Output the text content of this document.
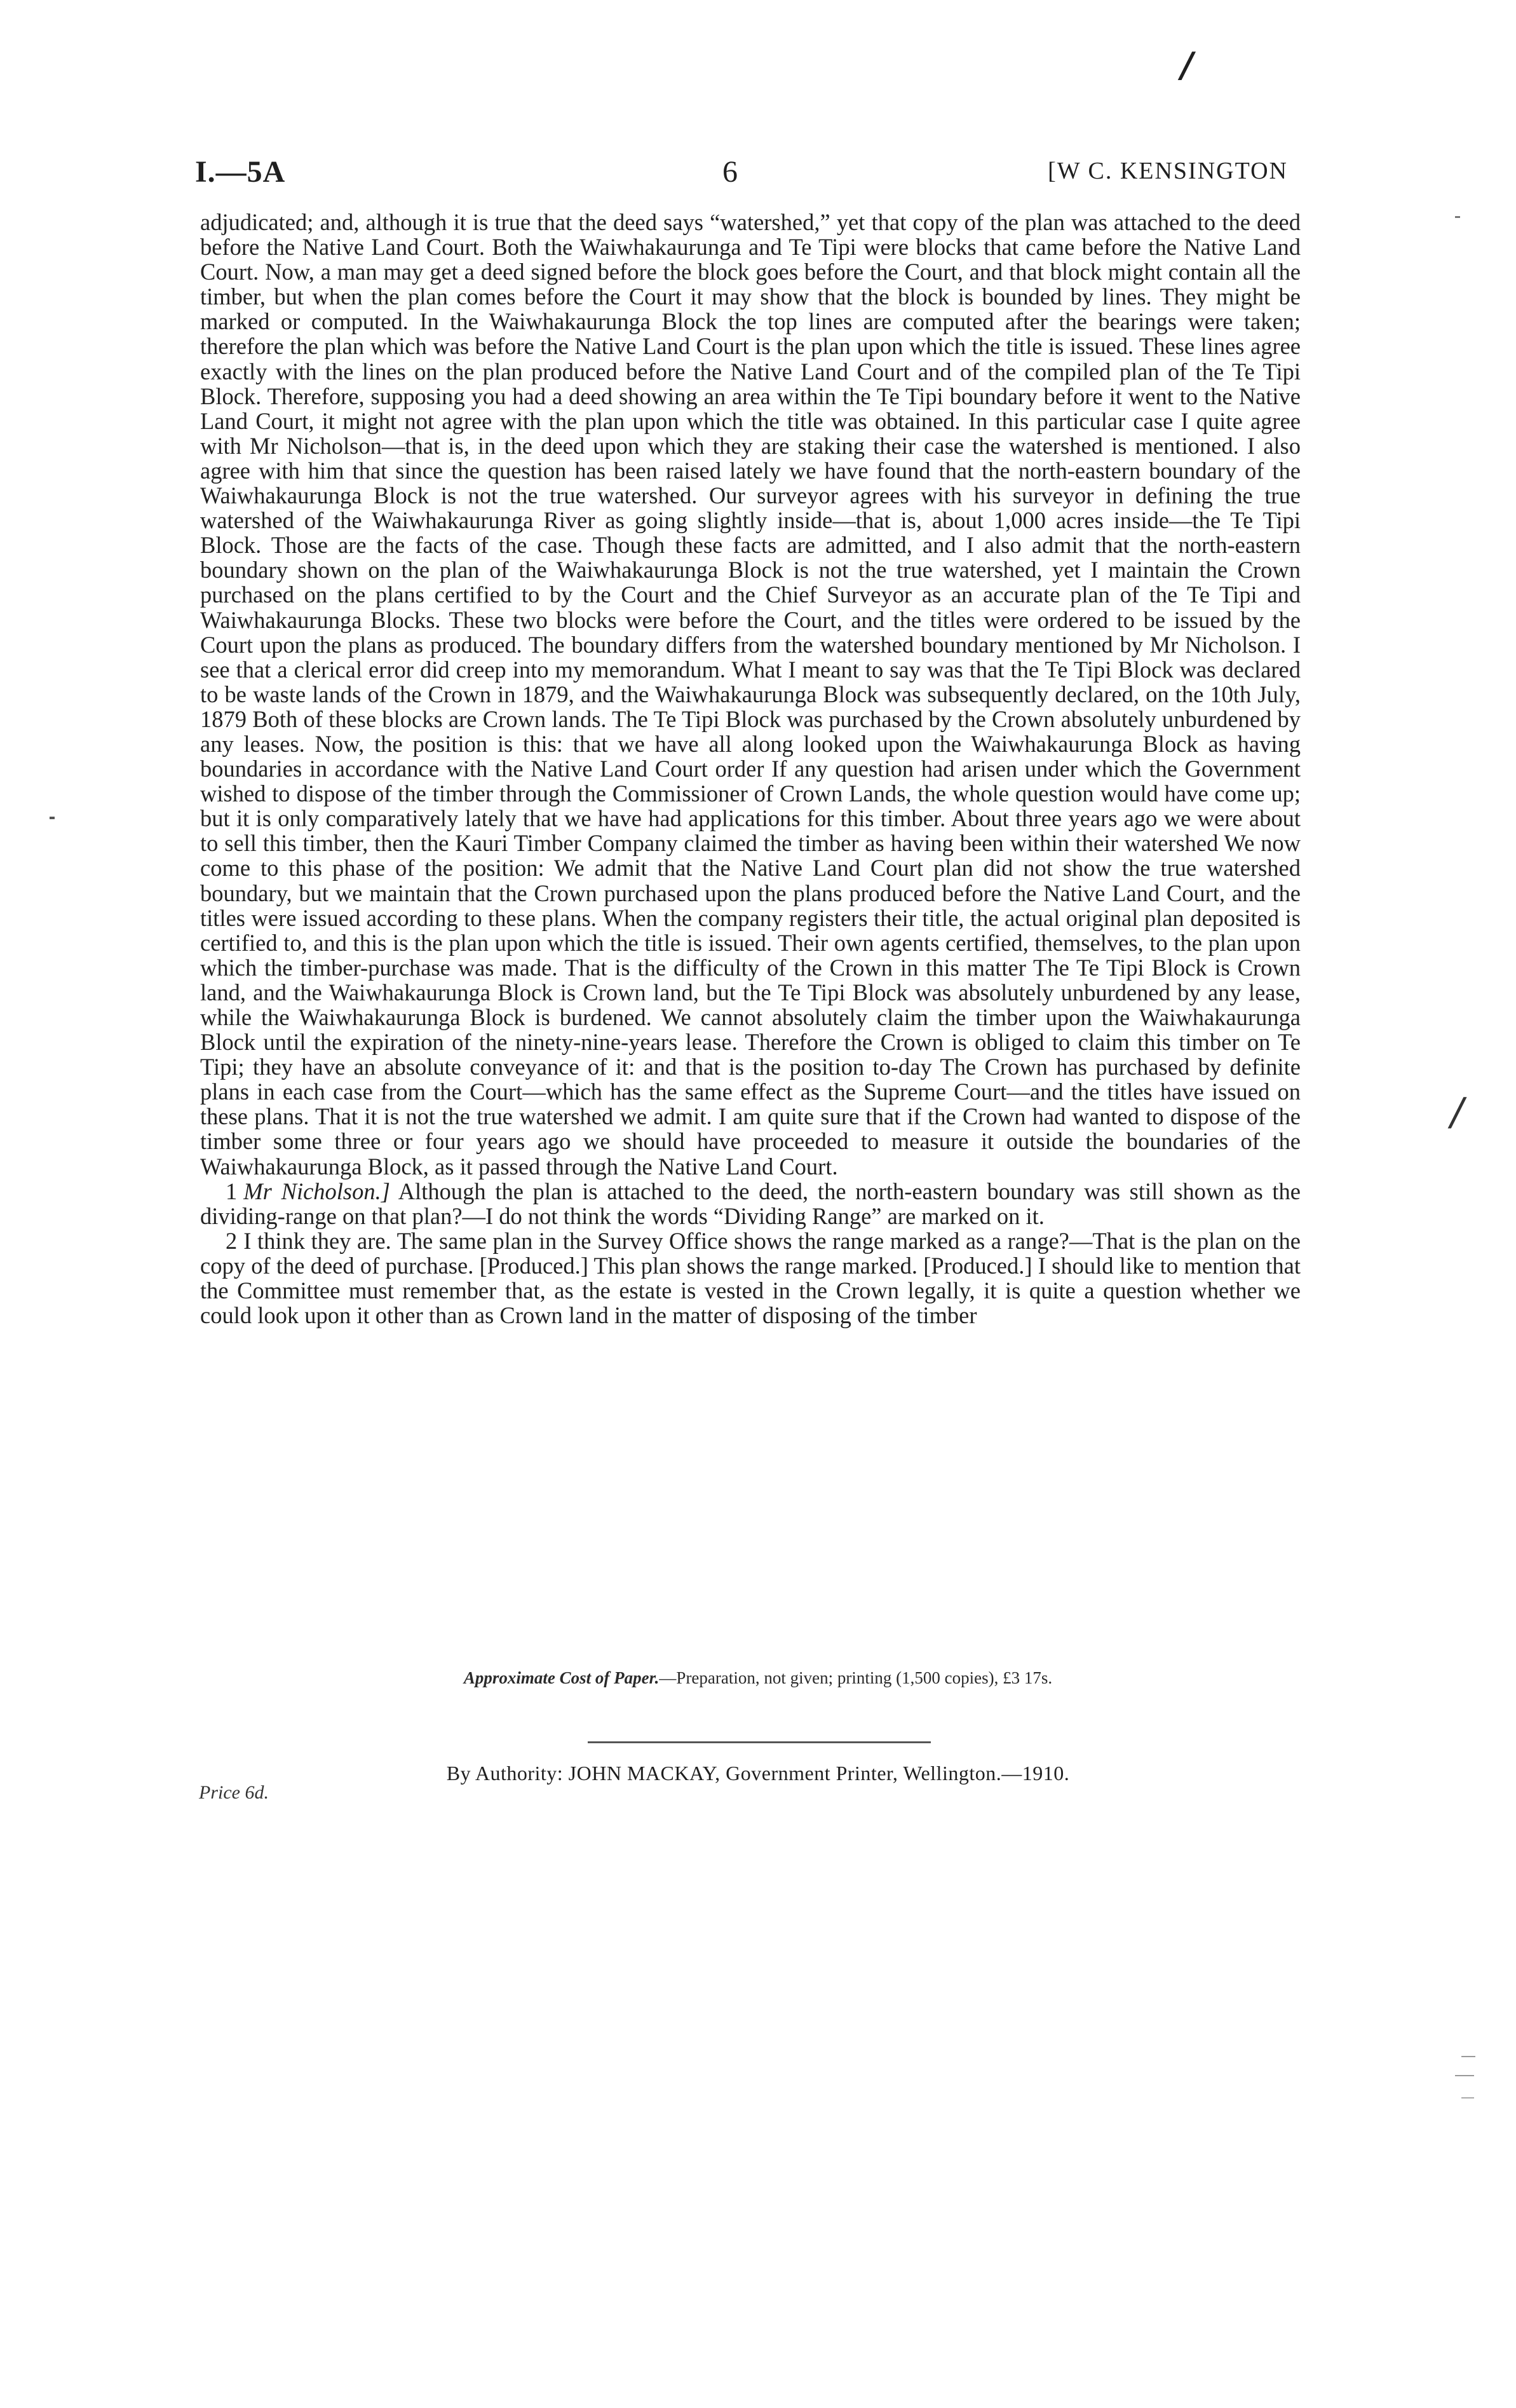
/
I.—5A	6	[W C. KENSINGTON

adjudicated; and, although it is true that the deed says “watershed,” yet that copy of the plan was attached to the deed before the Native Land Court. Both the Waiwhakaurunga and Te Tipi were blocks that came before the Native Land Court. Now, a man may get a deed signed before the block goes before the Court, and that block might contain all the timber, but when the plan comes before the Court it may show that the block is bounded by lines. They might be marked or computed. In the Waiwhakaurunga Block the top lines are computed after the bearings were taken; therefore the plan which was before the Native Land Court is the plan upon which the title is issued. These lines agree exactly with the lines on the plan produced before the Native Land Court and of the compiled plan of the Te Tipi Block. Therefore, supposing you had a deed showing an area within the Te Tipi boundary before it went to the Native Land Court, it might not agree with the plan upon which the title was obtained. In this particular case I quite agree with Mr Nicholson—that is, in the deed upon which they are staking their case the watershed is mentioned. I also agree with him that since the question has been raised lately we have found that the north-eastern boundary of the Waiwhakaurunga Block is not the true watershed. Our surveyor agrees with his surveyor in defining the true watershed of the Waiwhakaurunga River as going slightly inside—that is, about 1,000 acres inside—the Te Tipi Block. Those are the facts of the case. Though these facts are admitted, and I also admit that the north-eastern boundary shown on the plan of the Waiwhakaurunga Block is not the true watershed, yet I maintain the Crown purchased on the plans certified to by the Court and the Chief Surveyor as an accurate plan of the Te Tipi and Waiwhakaurunga Blocks. These two blocks were before the Court, and the titles were ordered to be issued by the Court upon the plans as produced. The boundary differs from the watershed boundary mentioned by Mr Nicholson. I see that a clerical error did creep into my memorandum. What I meant to say was that the Te Tipi Block was declared to be waste lands of the Crown in 1879, and the Waiwhakaurunga Block was subsequently declared, on the 10th July, 1879 Both of these blocks are Crown lands. The Te Tipi Block was purchased by the Crown absolutely unburdened by any leases. Now, the position is this: that we have all along looked upon the Waiwhakaurunga Block as having boundaries in accordance with the Native Land Court order If any question had arisen under which the Government wished to dispose of the timber through the Commissioner of Crown Lands, the whole question would have come up; but it is only comparatively lately that we have had applications for this timber. About three years ago we were about to sell this timber, then the Kauri Timber Company claimed the timber as having been within their watershed We now come to this phase of the position: We admit that the Native Land Court plan did not show the true watershed boundary, but we maintain that the Crown purchased upon the plans produced before the Native Land Court, and the titles were issued according to these plans. When the company registers their title, the actual original plan deposited is certified to, and this is the plan upon which the title is issued. Their own agents certified, themselves, to the plan upon which the timber-purchase was made. That is the difficulty of the Crown in this matter The Te Tipi Block is Crown land, and the Waiwhakaurunga Block is Crown land, but the Te Tipi Block was absolutely unburdened by any lease, while the Waiwhakaurunga Block is burdened. We cannot absolutely claim the timber upon the Waiwhakaurunga Block until the expiration of the ninety-nine-years lease. Therefore the Crown is obliged to claim this timber on Te Tipi; they have an absolute conveyance of it: and that is the position to-day The Crown has purchased by definite plans in each case from the Court—which has the same effect as the Supreme Court—and the titles have issued on these plans. That it is not the true watershed we admit. I am quite sure that if the Crown had wanted to dispose of the timber some three or four years ago we should have proceeded to measure it outside the boundaries of the Waiwhakaurunga Block, as it passed through the Native Land Court.

1 Mr Nicholson.] Although the plan is attached to the deed, the north-eastern boundary was still shown as the dividing-range on that plan?—I do not think the words “Dividing Range” are marked on it.

2 I think they are. The same plan in the Survey Office shows the range marked as a range?—That is the plan on the copy of the deed of purchase. [Produced.] This plan shows the range marked. [Produced.] I should like to mention that the Committee must remember that, as the estate is vested in the Crown legally, it is quite a question whether we could look upon it other than as Crown land in the matter of disposing of the timber

Approximate Cost of Paper.—Preparation, not given; printing (1,500 copies), £3 17s.
By Authority: JOHN MACKAY, Government Printer, Wellington.—1910.
Price 6d.
/
